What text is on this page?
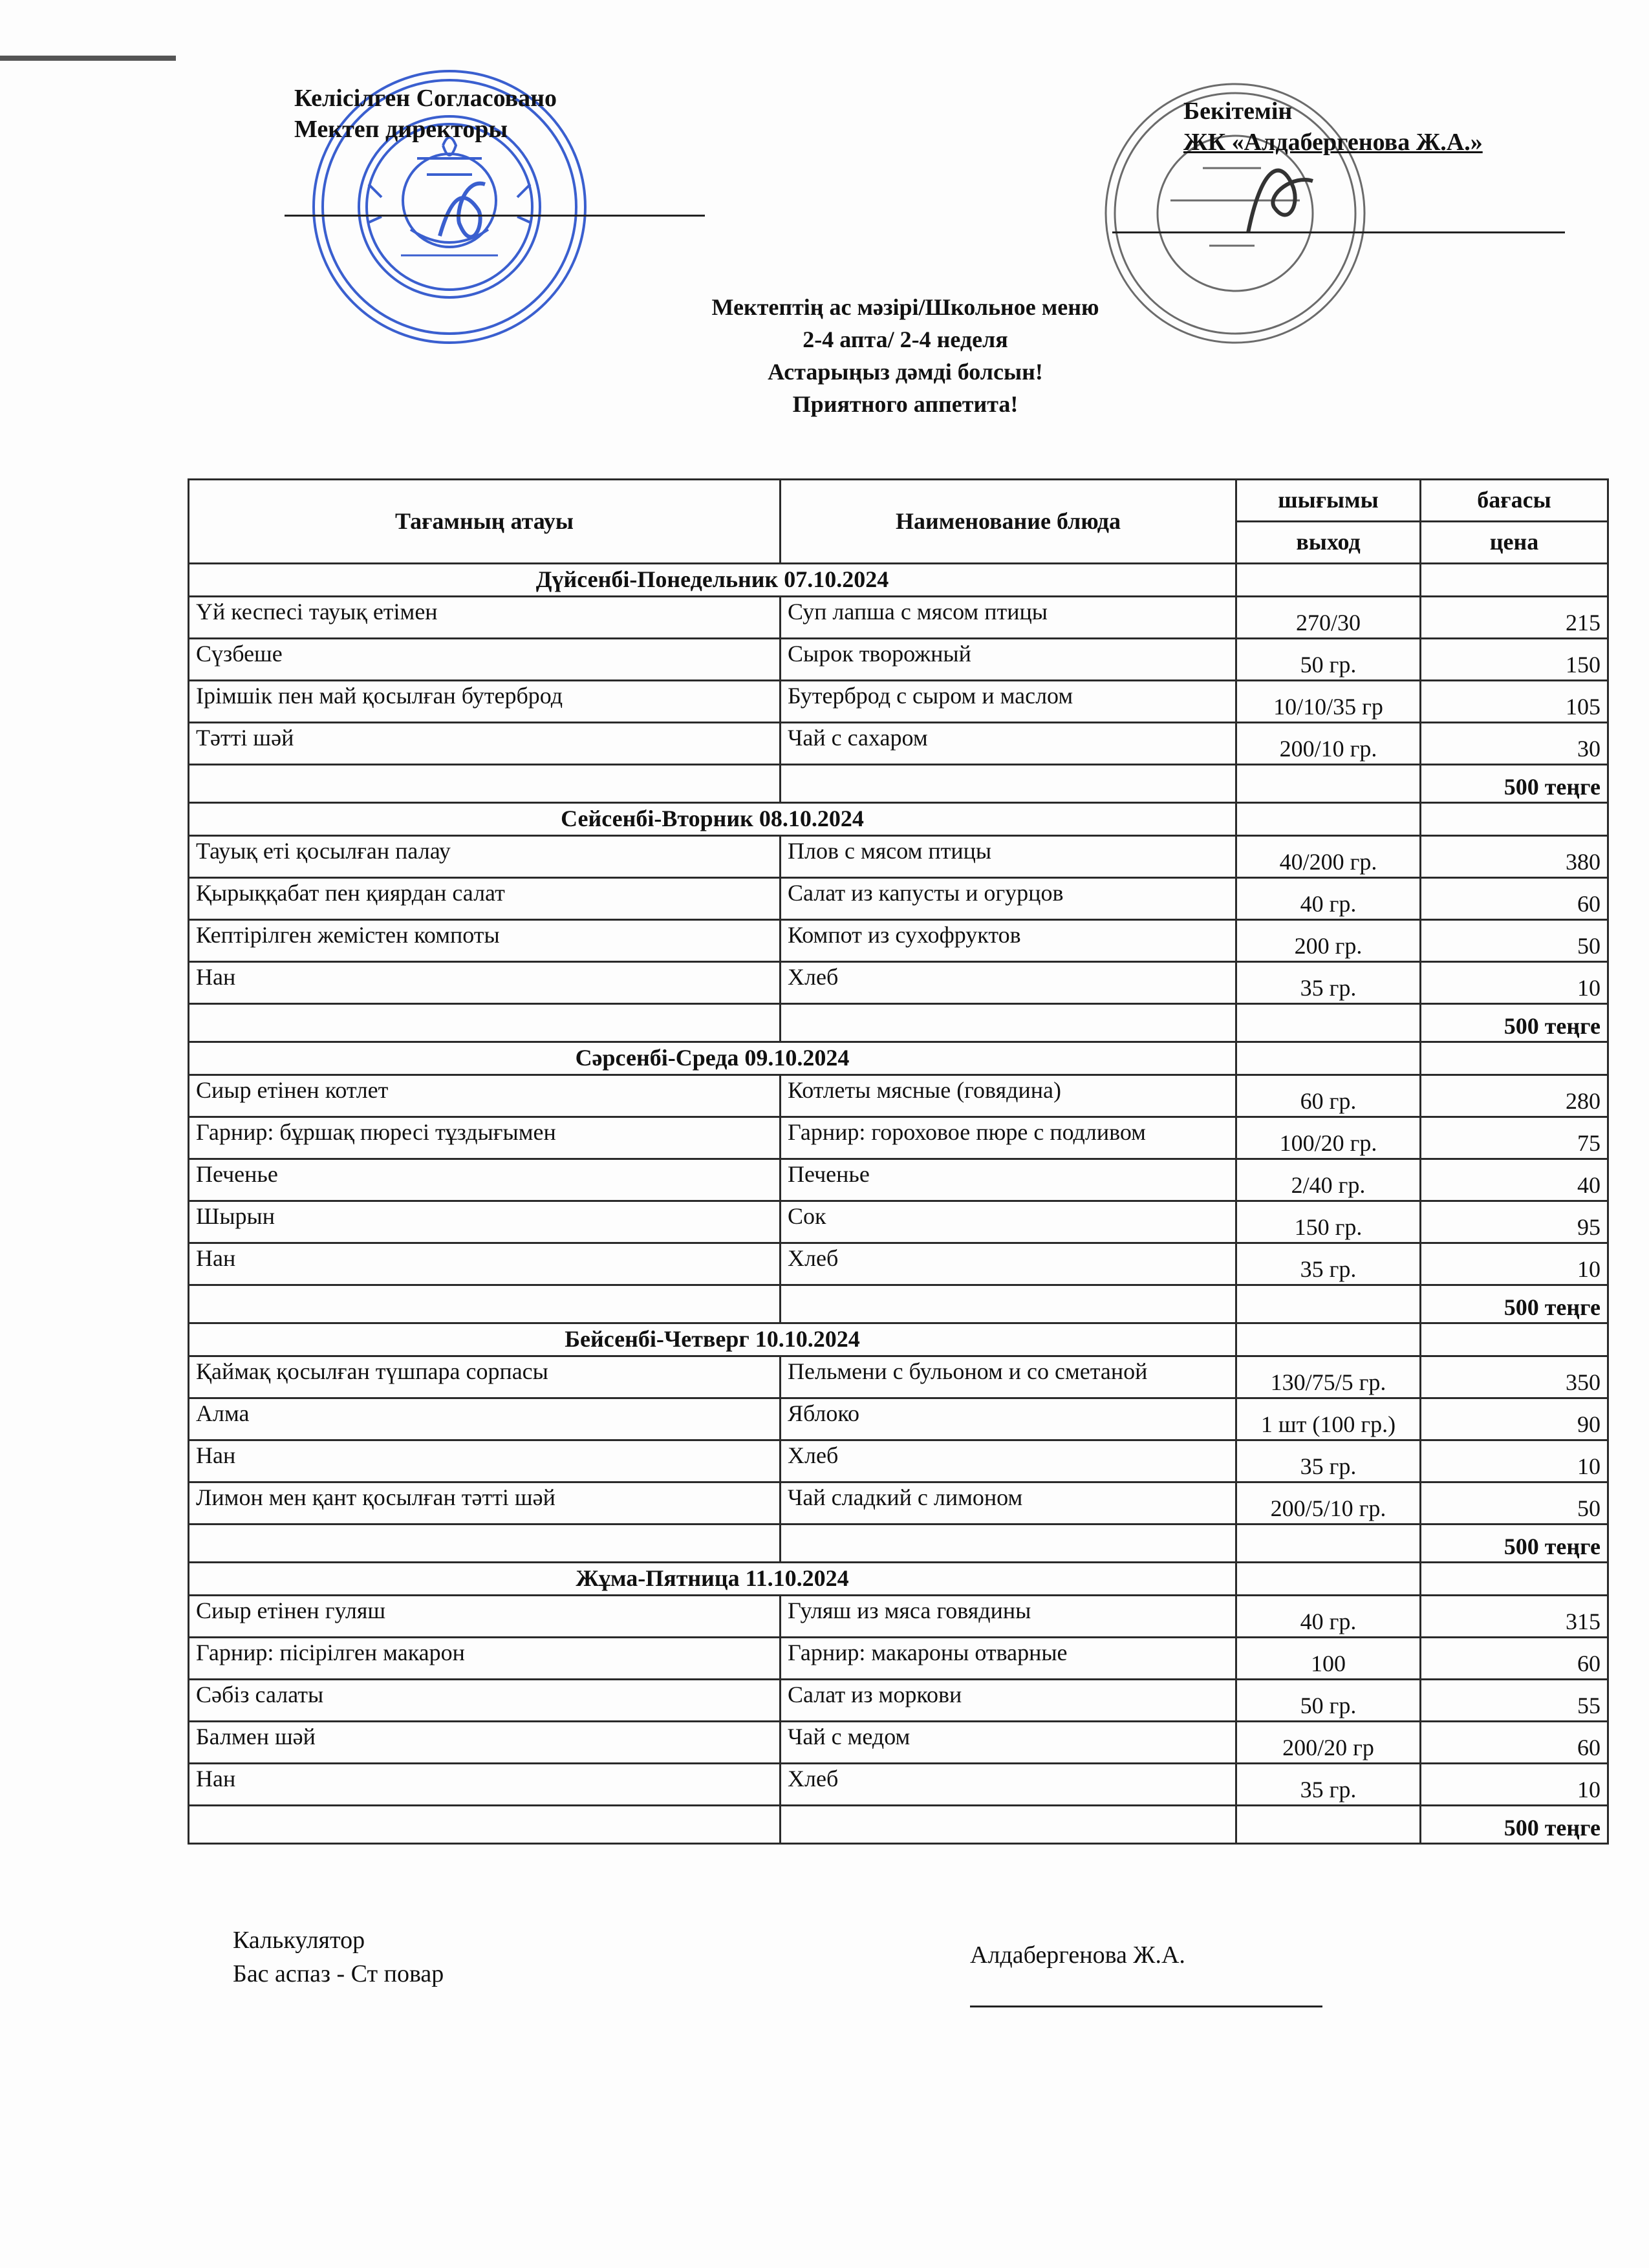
Келісілген Согласовано
Мектеп директоры
Бекітемін
ЖК «Алдабергенова Ж.А.»
Мектептің ас мәзірі/Школьное меню
2-4 апта/ 2-4 неделя
Астарыңыз дәмді болсын!
Приятного аппетита!
Тағамның атауы	Наименование блюда	шығымы	бағасы
		выход	цена
Дүйсенбі-Понедельник 07.10.2024			
Үй кеспесі тауық етімен	Суп лапша с мясом птицы	270/30	215
Сүзбеше	Сырок творожный	50 гр.	150
Ірімшік пен май қосылған бутерброд	Бутерброд с сыром и маслом	10/10/35 гр	105
Тәтті шәй	Чай с сахаром	200/10 гр.	30
			500 теңге
Сейсенбі-Вторник 08.10.2024			
Тауық еті қосылған палау	Плов с мясом птицы	40/200 гр.	380
Қырыққабат пен қиярдан салат	Салат из капусты и огурцов	40 гр.	60
Кептірілген жемістен компоты	Компот из сухофруктов	200 гр.	50
Нан	Хлеб	35 гр.	10
			500 теңге
Сәрсенбі-Среда 09.10.2024			
Сиыр етінен котлет	Котлеты мясные (говядина)	60 гр.	280
Гарнир: бұршақ пюресі тұздығымен	Гарнир: гороховое пюре с подливом	100/20 гр.	75
Печенье	Печенье	2/40 гр.	40
Шырын	Сок	150 гр.	95
Нан	Хлеб	35 гр.	10
			500 теңге
Бейсенбі-Четверг 10.10.2024			
Қаймақ қосылған түшпара сорпасы	Пельмени с бульоном и со сметаной	130/75/5 гр.	350
Алма	Яблоко	1 шт (100 гр.)	90
Нан	Хлеб	35 гр.	10
Лимон мен қант қосылған тәтті шәй	Чай сладкий с лимоном	200/5/10 гр.	50
			500 теңге
Жұма-Пятница 11.10.2024			
Сиыр етінен гуляш	Гуляш из мяса говядины	40 гр.	315
Гарнир: пісірілген макарон	Гарнир: макароны отварные	100	60
Сәбіз салаты	Салат из моркови	50 гр.	55
Балмен шәй	Чай с медом	200/20 гр	60
Нан	Хлеб	35 гр.	10
			500 теңге
Калькулятор
Бас аспаз - Ст повар
Алдабергенова Ж.А.
